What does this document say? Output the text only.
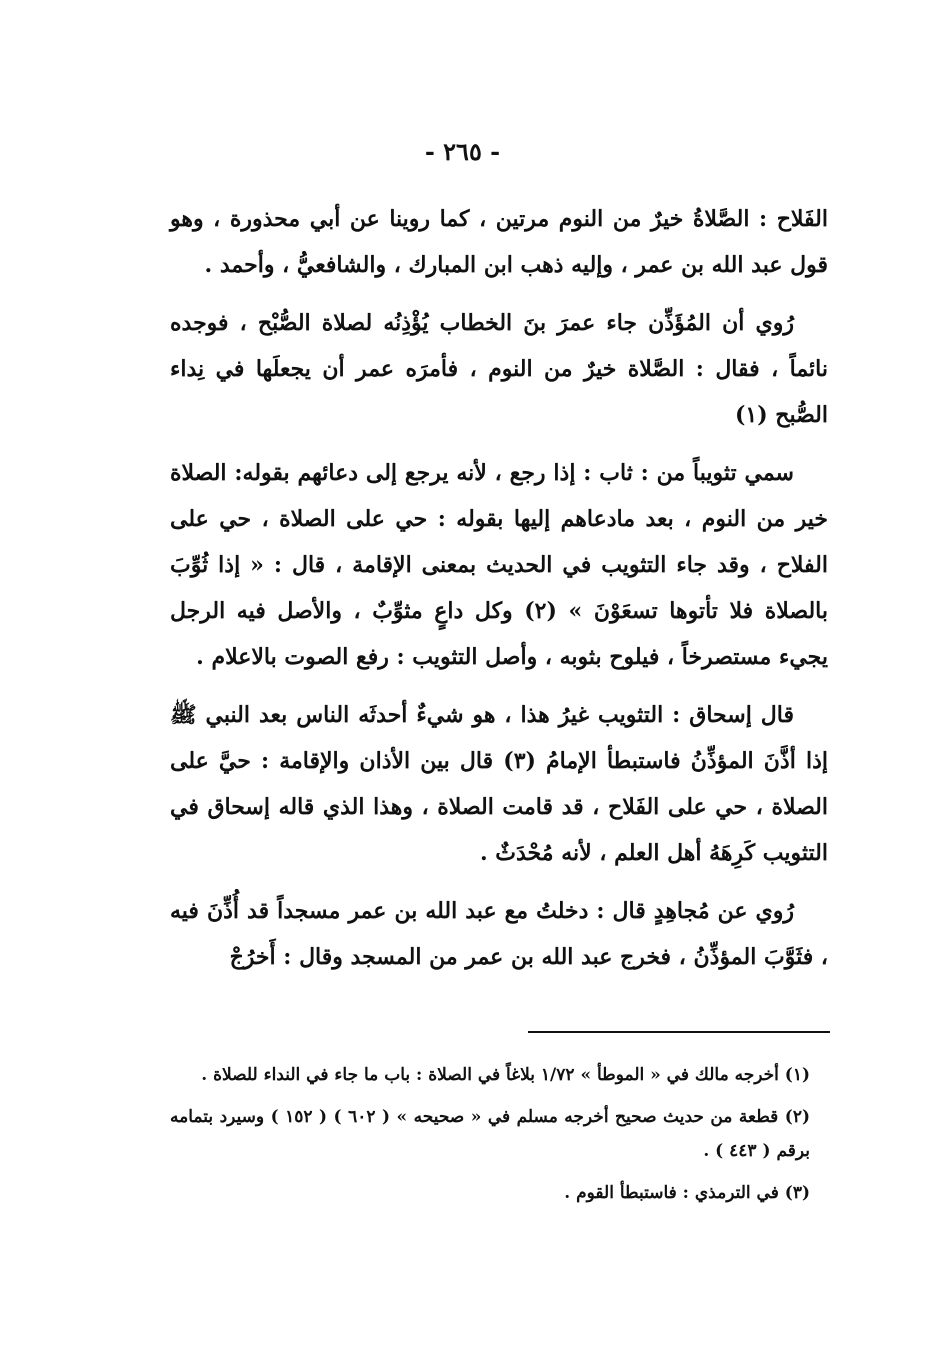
- ٢٦٥ -

الفَلاح : الصَّلاةُ خيرٌ من النوم مرتين ، كما روينا عن أبي محذورة ، وهو قول عبد الله بن عمر ، وإليه ذهب ابن المبارك ، والشافعيُّ ، وأحمد .

رُوي أن المُؤَذِّن جاء عمرَ بنَ الخطاب يُؤْذِنُه لصلاة الصُّبْح ، فوجده نائماً ، فقال : الصَّلاة خيرٌ من النوم ، فأمرَه عمر أن يجعلَها في نِداء الصُّبح (١)

سمي تثويباً من : ثاب : إذا رجع ، لأنه يرجع إلى دعائهم بقوله: الصلاة خير من النوم ، بعد مادعاهم إليها بقوله : حي على الصلاة ، حي على الفلاح ، وقد جاء التثويب في الحديث بمعنى الإقامة ، قال : « إذا ثُوِّبَ بالصلاة فلا تأتوها تسعَوْنَ » (٢) وكل داعٍ مثوِّبٌ ، والأصل فيه الرجل يجيء مستصرخاً ، فيلوح بثوبه ، وأصل التثويب : رفع الصوت بالاعلام .

قال إسحاق : التثويب غيرُ هذا ، هو شيءٌ أحدثَه الناس بعد النبي ﷺ إذا أذَّنَ المؤذِّنُ فاستبطأ الإمامُ (٣) قال بين الأذان والإقامة : حيَّ على الصلاة ، حي على الفَلاح ، قد قامت الصلاة ، وهذا الذي قاله إسحاق في التثويب كَرِهَهُ أهل العلم ، لأنه مُحْدَثٌ .

رُوي عن مُجاهِدٍ قال : دخلتُ مع عبد الله بن عمر مسجداً قد أُذِّنَ فيه ، فثَوَّبَ المؤذِّنُ ، فخرج عبد الله بن عمر من المسجد وقال : أَخرُجْ

(١) أخرجه مالك في « الموطأ » ١/٧٢ بلاغاً في الصلاة : باب ما جاء في النداء للصلاة .

(٢) قطعة من حديث صحيح أخرجه مسلم في « صحيحه » ( ٦٠٢ ) ( ١٥٢ ) وسيرد بتمامه برقم ( ٤٤٣ ) .

(٣) في الترمذي : فاستبطأ القوم .
